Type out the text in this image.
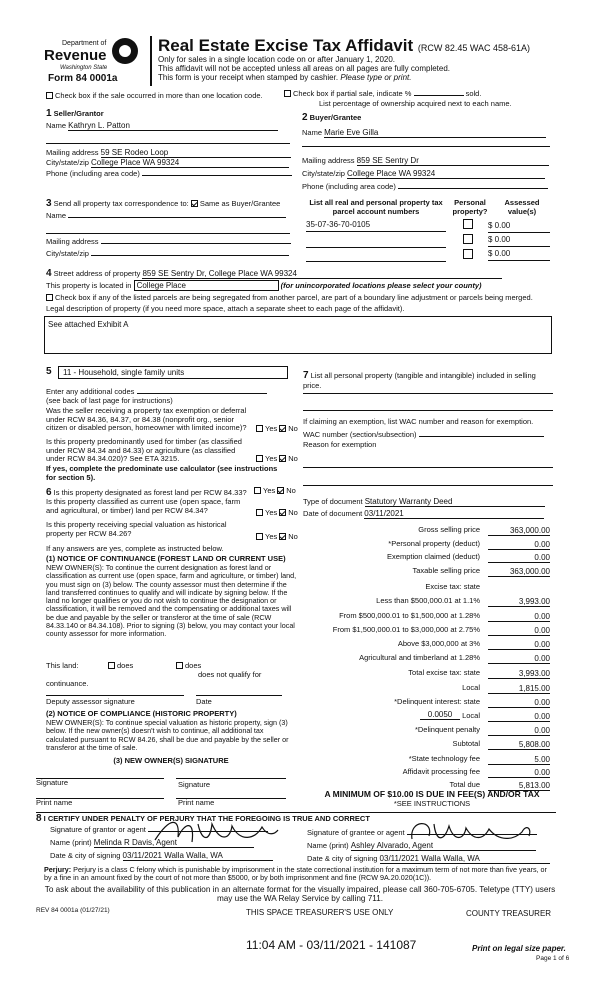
Department of
Revenue
Washington State
Form 84 0001a
Real Estate Excise Tax Affidavit (RCW 82.45 WAC 458-61A)
Only for sales in a single location code on or after January 1, 2020.
This affidavit will not be accepted unless all areas on all pages are fully completed.
This form is your receipt when stamped by cashier. Please type or print.
Check box if the sale occurred in more than one location code.	Check box if partial sale, indicate %	sold.
List percentage of ownership acquired next to each name.
1 Seller/Grantor
Name Kathryn L. Patton
Mailing address 59 SE Rodeo Loop
City/state/zip College Place WA 99324
Phone (including area code)
2 Buyer/Grantee
Name Marie Eve Gilla
Mailing address 859 SE Sentry Dr
City/state/zip College Place WA 99324
Phone (including area code)
3 Send all property tax correspondence to: Same as Buyer/Grantee
Name
Mailing address
City/state/zip
List all real and personal property tax parcel account numbers
Personal property?
Assessed value(s)
35-07-36-70-0105	$ 0.00
$ 0.00
$ 0.00
4 Street address of property 859 SE Sentry Dr, College Place WA 99324
This property is located in College Place	(for unincorporated locations please select your county)
Check box if any of the listed parcels are being segregated from another parcel, are part of a boundary line adjustment or parcels being merged.
Legal description of property (if you need more space, attach a separate sheet to each page of the affidavit).
See attached Exhibit A
5	11 - Household, single family units
Enter any additional codes
(see back of last page for instructions)
Was the seller receiving a property tax exemption or deferral under RCW 84.36, 84.37, or 84.38 (nonprofit org., senior citizen or disabled person, homeowner with limited income)?	Yes No
Is this property predominantly used for timber (as classified under RCW 84.34 and 84.33) or agriculture (as classified under RCW 84.34.020)? See ETA 3215.	Yes No
If yes, complete the predominate use calculator (see instructions for section 5).
6 Is this property designated as forest land per RCW 84.33?	Yes No
Is this property classified as current use (open space, farm and agricultural, or timber) land per RCW 84.34?	Yes No
Is this property receiving special valuation as historical property per RCW 84.26?	Yes No
If any answers are yes, complete as instructed below.
(1) NOTICE OF CONTINUANCE (FOREST LAND OR CURRENT USE)
NEW OWNER(S): To continue the current designation as forest land or classification as current use (open space, farm and agriculture, or timber) land, you must sign on (3) below. The county assessor must then determine if the land transferred continues to qualify and will indicate by signing below. If the land no longer qualifies or you do not wish to continue the designation or classification, it will be removed and the compensating or additional taxes will be due and payable by the seller or transferor at the time of sale (RCW 84.33.140 or 84.34.108). Prior to signing (3) below, you may contact your local county assessor for more information.
This land:	does	does
does not qualify for continuance.
Deputy assessor signature	Date
(2) NOTICE OF COMPLIANCE (HISTORIC PROPERTY)
NEW OWNER(S): To continue special valuation as historic property, sign (3) below. If the new owner(s) doesn't wish to continue, all additional tax calculated pursuant to RCW 84.26, shall be due and payable by the seller or transferor at the time of sale.
(3) NEW OWNER(S) SIGNATURE
Signature	Signature
Print name	Print name
7 List all personal property (tangible and intangible) included in selling price.
If claiming an exemption, list WAC number and reason for exemption.
WAC number (section/subsection)
Reason for exemption
Type of document Statutory Warranty Deed
Date of document 03/11/2021
Gross selling price	363,000.00
*Personal property (deduct)	0.00
Exemption claimed (deduct)	0.00
Taxable selling price	363,000.00
Excise tax: state
Less than $500,000.01 at 1.1%	3,993.00
From $500,000.01 to $1,500,000 at 1.28%	0.00
From $1,500,000.01 to $3,000,000 at 2.75%	0.00
Above $3,000,000 at 3%	0.00
Agricultural and timberland at 1.28%	0.00
Total excise tax: state	3,993.00
Local	1,815.00
*Delinquent interest: state	0.00
Local	0.00
*Delinquent penalty	0.00
Subtotal	5,808.00
*State technology fee	5.00
Affidavit processing fee	0.00
Total due	5,813.00
0.0050
A MINIMUM OF $10.00 IS DUE IN FEE(S) AND/OR TAX
*SEE INSTRUCTIONS
8 I CERTIFY UNDER PENALTY OF PERJURY THAT THE FOREGOING IS TRUE AND CORRECT
Signature of grantor or agent
Name (print) Melinda R Davis, Agent
Date & city of signing 03/11/2021 Walla Walla, WA
Signature of grantee or agent
Name (print) Ashley Alvarado, Agent
Date & city of signing 03/11/2021 Walla Walla, WA
Perjury: Perjury is a class C felony which is punishable by imprisonment in the state correctional institution for a maximum term of not more than five years, or by a fine in an amount fixed by the court of not more than $5000, or by both imprisonment and fine (RCW 9A.20.020(1C)).
To ask about the availability of this publication in an alternate format for the visually impaired, please call 360-705-6705. Teletype (TTY) users may use the WA Relay Service by calling 711.
REV 84 0001a (01/27/21)	THIS SPACE TREASURER'S USE ONLY	COUNTY TREASURER
11:04 AM - 03/11/2021 - 141087	Print on legal size paper.
Page 1 of 6
